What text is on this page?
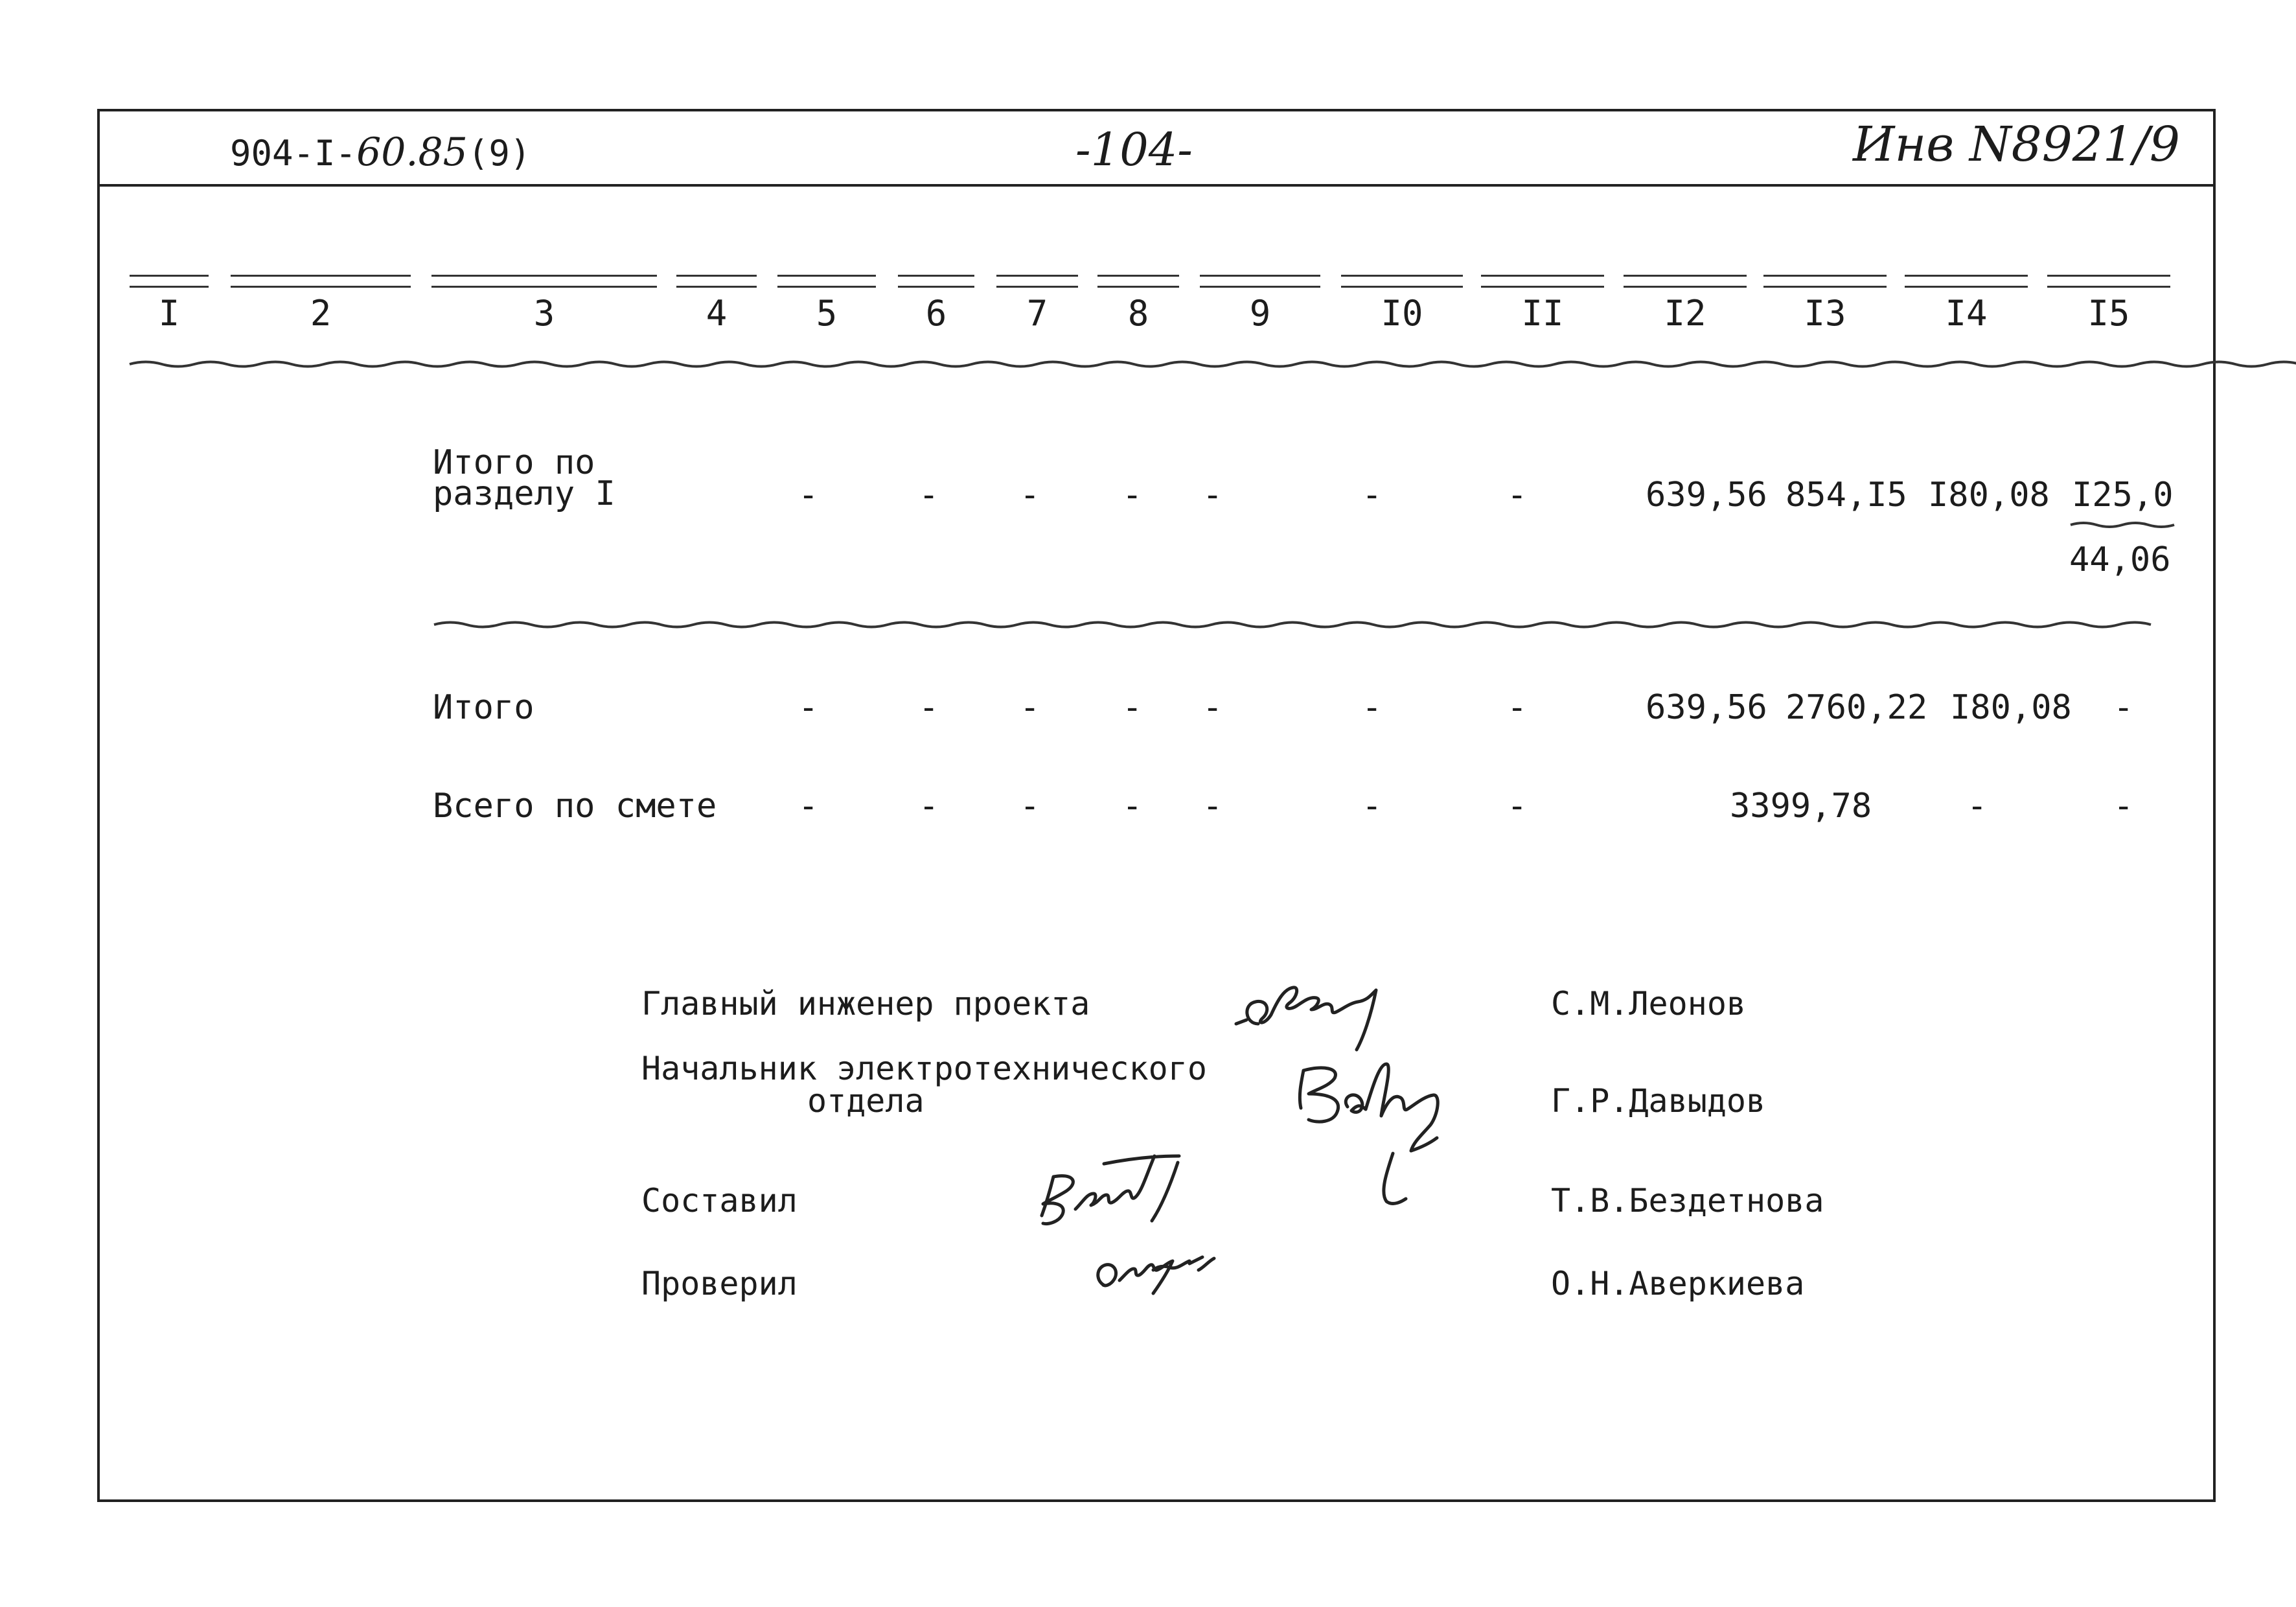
904-I-60.85(9)	-104-	Инв N8921/9
I	2	3	4	5	6	7	8	9	I0	II	I2	I3	I4	I5
Итого по
разделу I	-	- - - -	-	-	639,56 854,I5 I80,08 I25,0
44,06
Итого	-	- - - -	-	-	639,56 2760,22 I80,08 -
Всего по смете -	- - - -	-	-	3399,78	-	-
Главный инженер проекта	С.М.Леонов
Начальник электротехнического
отдела	Г.Р.Давыдов
Составил	Т.В.Бездетнова
Проверил	О.Н.Аверкиева
